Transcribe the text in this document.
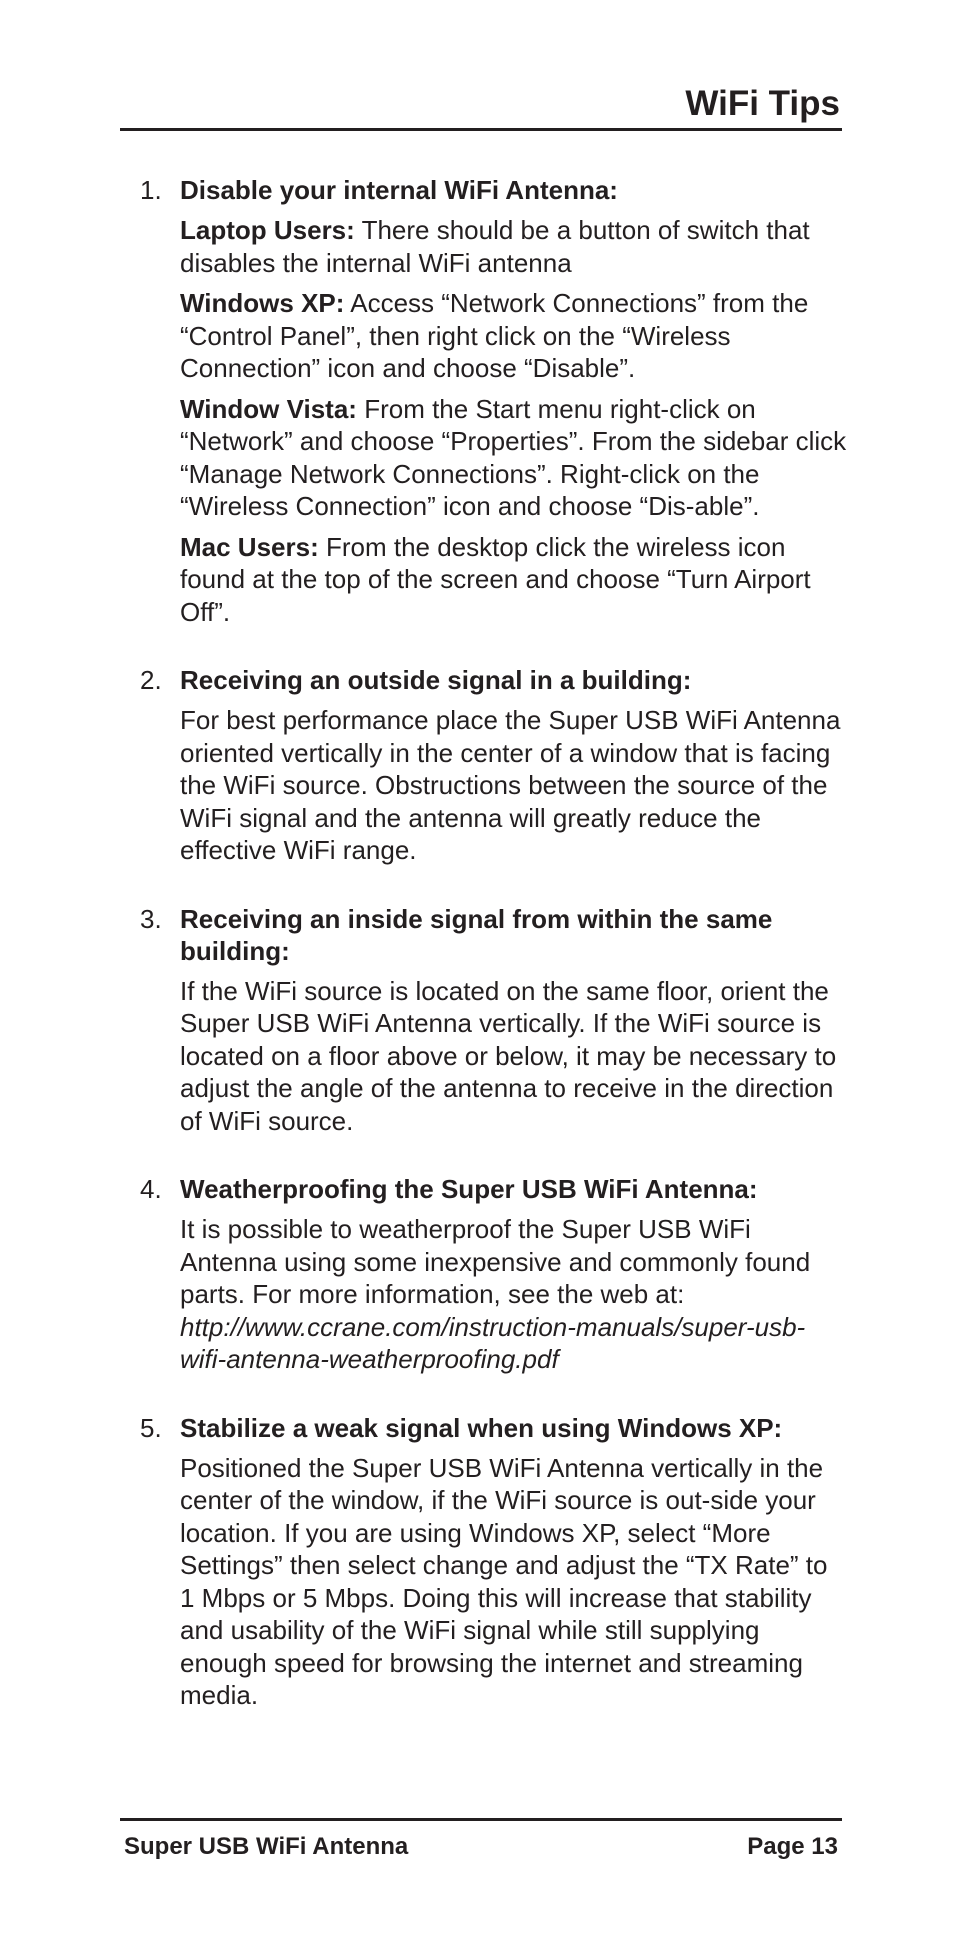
WiFi Tips
1. Disable your internal WiFi Antenna:

Laptop Users: There should be a button of switch that disables the internal WiFi antenna

Windows XP: Access “Network Connections” from the “Control Panel”, then right click on the “Wireless Connection” icon and choose “Disable”.

Window Vista: From the Start menu right-click on “Network” and choose “Properties”. From the sidebar click “Manage Network Connections”. Right-click on the “Wireless Connection” icon and choose “Dis-able”.

Mac Users: From the desktop click the wireless icon found at the top of the screen and choose “Turn Airport Off”.

2. Receiving an outside signal in a building:

For best performance place the Super USB WiFi Antenna oriented vertically in the center of a window that is facing the WiFi source. Obstructions between the source of the WiFi signal and the antenna will greatly reduce the effective WiFi range.

3. Receiving an inside signal from within the same building:

If the WiFi source is located on the same floor, orient the Super USB WiFi Antenna vertically. If the WiFi source is located on a floor above or below, it may be necessary to adjust the angle of the antenna to receive in the direction of WiFi source.

4. Weatherproofing the Super USB WiFi Antenna:

It is possible to weatherproof the Super USB WiFi Antenna using some inexpensive and commonly found parts. For more information, see the web at:
http://www.ccrane.com/instruction-manuals/super-usb-wifi-antenna-weatherproofing.pdf

5. Stabilize a weak signal when using Windows XP:

Positioned the Super USB WiFi Antenna vertically in the center of the window, if the WiFi source is out-side your location. If you are using Windows XP, select “More Settings” then select change and adjust the “TX Rate” to 1 Mbps or 5 Mbps. Doing this will increase that stability and usability of the WiFi signal while still supplying enough speed for browsing the internet and streaming media.

Super USB WiFi Antenna	Page 13
